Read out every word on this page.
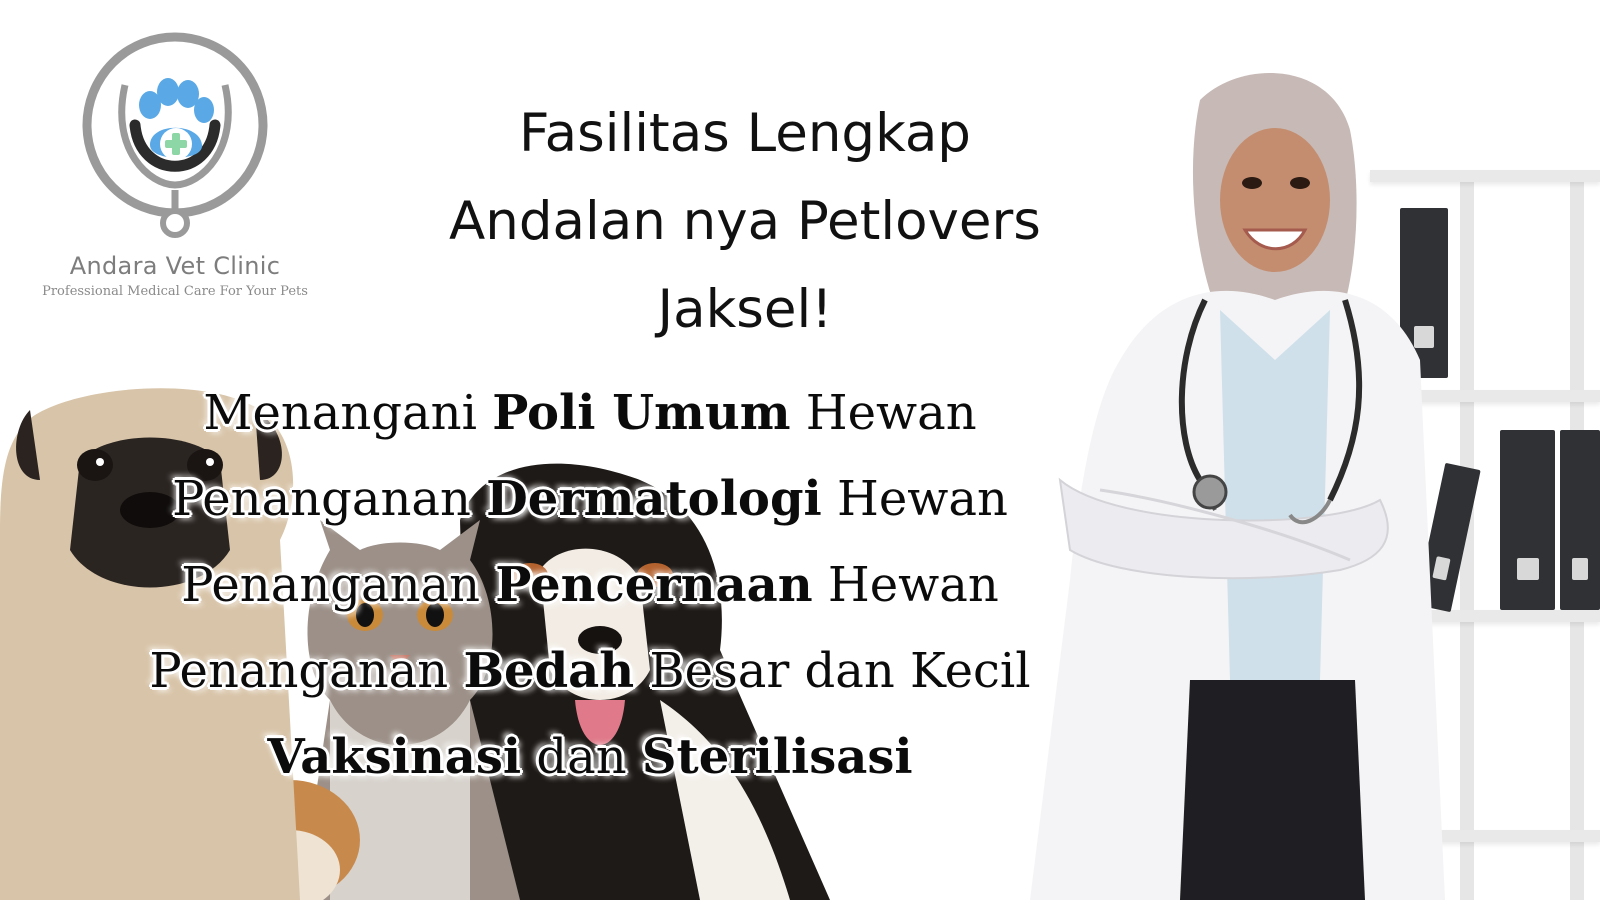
Andara Vet Clinic
Professional Medical Care For Your Pets
Fasilitas Lengkap
Andalan nya Petlovers
Jaksel!
Menangani Poli Umum Hewan
Penanganan Dermatologi Hewan
Penanganan Pencernaan Hewan
Penanganan Bedah Besar dan Kecil
Vaksinasi dan Sterilisasi
